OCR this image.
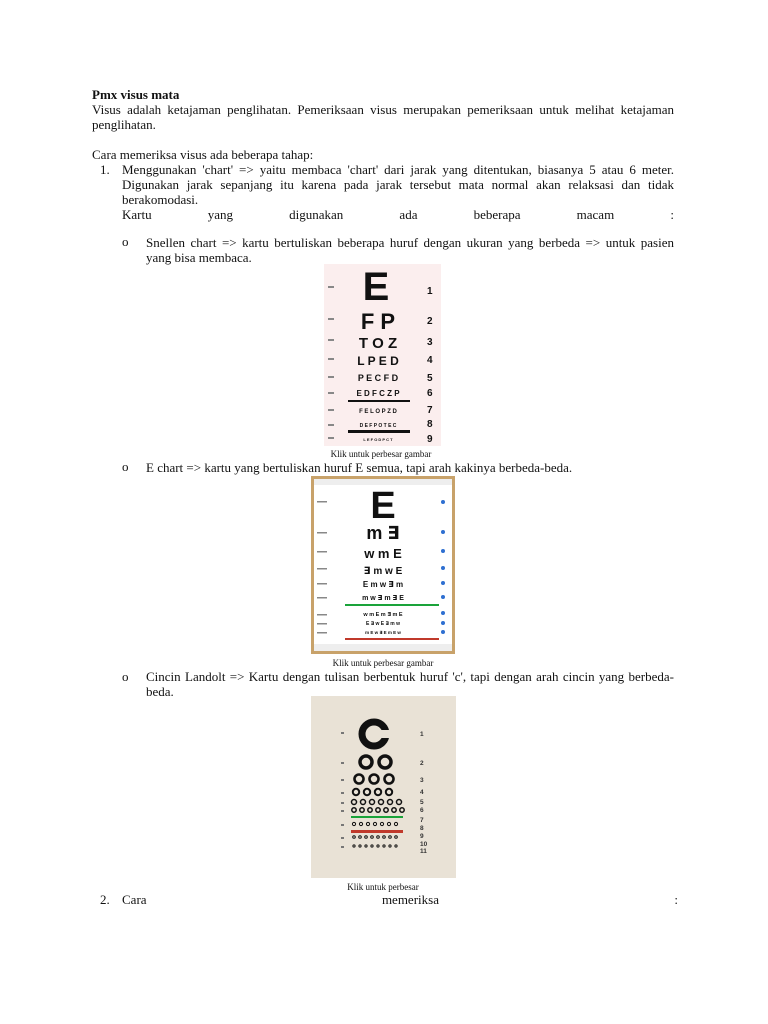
Pmx visus mata
Visus adalah ketajaman penglihatan. Pemeriksaan visus merupakan pemeriksaan untuk melihat ketajaman
penglihatan.
Cara memeriksa visus ada beberapa tahap:
1. Menggunakan 'chart' => yaitu membaca 'chart' dari jarak yang ditentukan, biasanya 5 atau 6 meter.
Digunakan jarak sepanjang itu karena pada jarak tersebut mata normal akan relaksasi dan tidak
berakomodasi.
Kartu	yang	digunakan	ada	beberapa	macam	:
o Snellen chart => kartu bertuliskan beberapa huruf dengan ukuran yang berbeda => untuk pasien
yang bisa membaca.
E
F P
T O Z
L P E D
P E C F D
E D F C Z P
F E L O P Z D
D E F P O T E C
L E F O D P C T
1
2
3
4
5
6
7
8
9
Klik untuk perbesar gambar
o E chart => kartu yang bertuliskan huruf E semua, tapi arah kakinya berbeda-beda.
E
m ∃
w m E
∃ m w E
E m w ∃ m
m w ∃ m ∃ E
w m E m ∃ m E
E ∃ w E ∃ m w
m E w ∃ E m E w
Klik untuk perbesar gambar
o Cincin Landolt => Kartu dengan tulisan berbentuk huruf 'c', tapi dengan arah cincin yang berbeda-
beda.
1
2
3
4
5
6
7
8
9
10
11
Klik untuk perbesar
2. Cara	memeriksa	:
